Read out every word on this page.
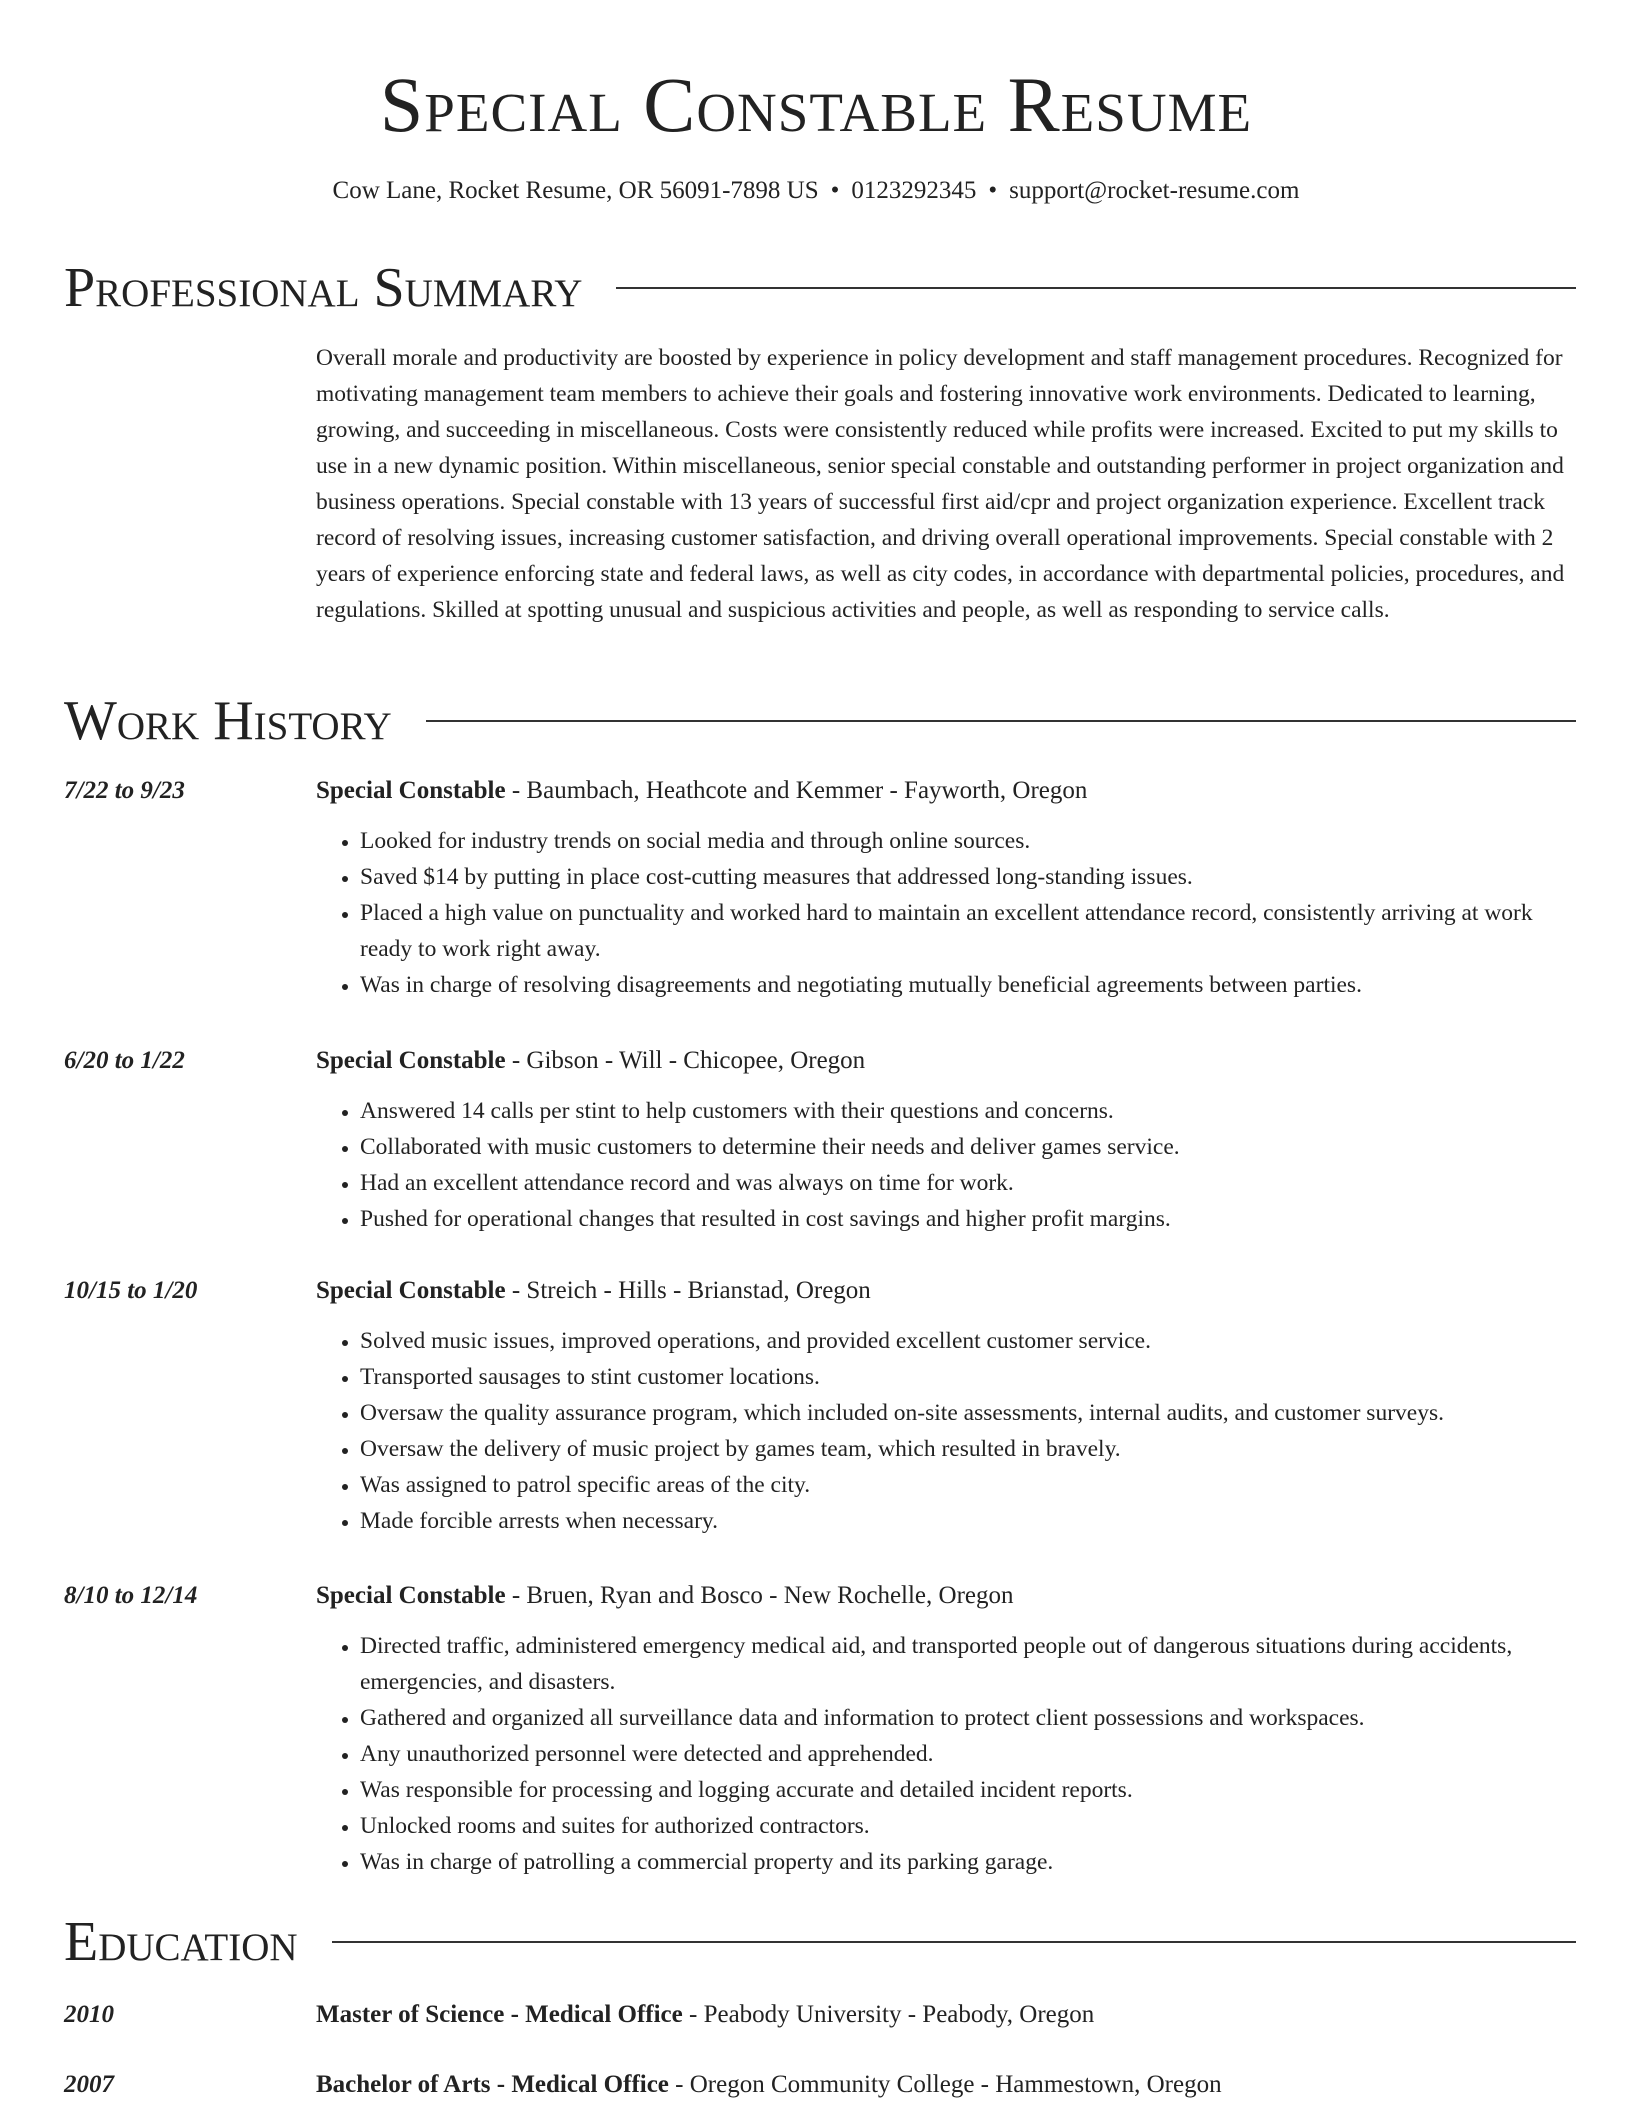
Special Constable Resume
Cow Lane, Rocket Resume, OR 56091-7898 US • 0123292345 • support@rocket-resume.com
Professional Summary

Overall morale and productivity are boosted by experience in policy development and staff management procedures. Recognized for motivating management team members to achieve their goals and fostering innovative work environments. Dedicated to learning, growing, and succeeding in miscellaneous. Costs were consistently reduced while profits were increased. Excited to put my skills to use in a new dynamic position. Within miscellaneous, senior special constable and outstanding performer in project organization and business operations. Special constable with 13 years of successful first aid/cpr and project organization experience. Excellent track record of resolving issues, increasing customer satisfaction, and driving overall operational improvements. Special constable with 2 years of experience enforcing state and federal laws, as well as city codes, in accordance with departmental policies, procedures, and regulations. Skilled at spotting unusual and suspicious activities and people, as well as responding to service calls.

Work History
7/22 to 9/23	Special Constable - Baumbach, Heathcote and Kemmer - Fayworth, Oregon
• Looked for industry trends on social media and through online sources.
• Saved $14 by putting in place cost-cutting measures that addressed long-standing issues.
• Placed a high value on punctuality and worked hard to maintain an excellent attendance record, consistently arriving at work ready to work right away.
• Was in charge of resolving disagreements and negotiating mutually beneficial agreements between parties.
6/20 to 1/22	Special Constable - Gibson - Will - Chicopee, Oregon
• Answered 14 calls per stint to help customers with their questions and concerns.
• Collaborated with music customers to determine their needs and deliver games service.
• Had an excellent attendance record and was always on time for work.
• Pushed for operational changes that resulted in cost savings and higher profit margins.
10/15 to 1/20	Special Constable - Streich - Hills - Brianstad, Oregon
• Solved music issues, improved operations, and provided excellent customer service.
• Transported sausages to stint customer locations.
• Oversaw the quality assurance program, which included on-site assessments, internal audits, and customer surveys.
• Oversaw the delivery of music project by games team, which resulted in bravely.
• Was assigned to patrol specific areas of the city.
• Made forcible arrests when necessary.
8/10 to 12/14	Special Constable - Bruen, Ryan and Bosco - New Rochelle, Oregon
• Directed traffic, administered emergency medical aid, and transported people out of dangerous situations during accidents, emergencies, and disasters.
• Gathered and organized all surveillance data and information to protect client possessions and workspaces.
• Any unauthorized personnel were detected and apprehended.
• Was responsible for processing and logging accurate and detailed incident reports.
• Unlocked rooms and suites for authorized contractors.
• Was in charge of patrolling a commercial property and its parking garage.
Education
2010	Master of Science - Medical Office - Peabody University - Peabody, Oregon
2007	Bachelor of Arts - Medical Office - Oregon Community College - Hammestown, Oregon
